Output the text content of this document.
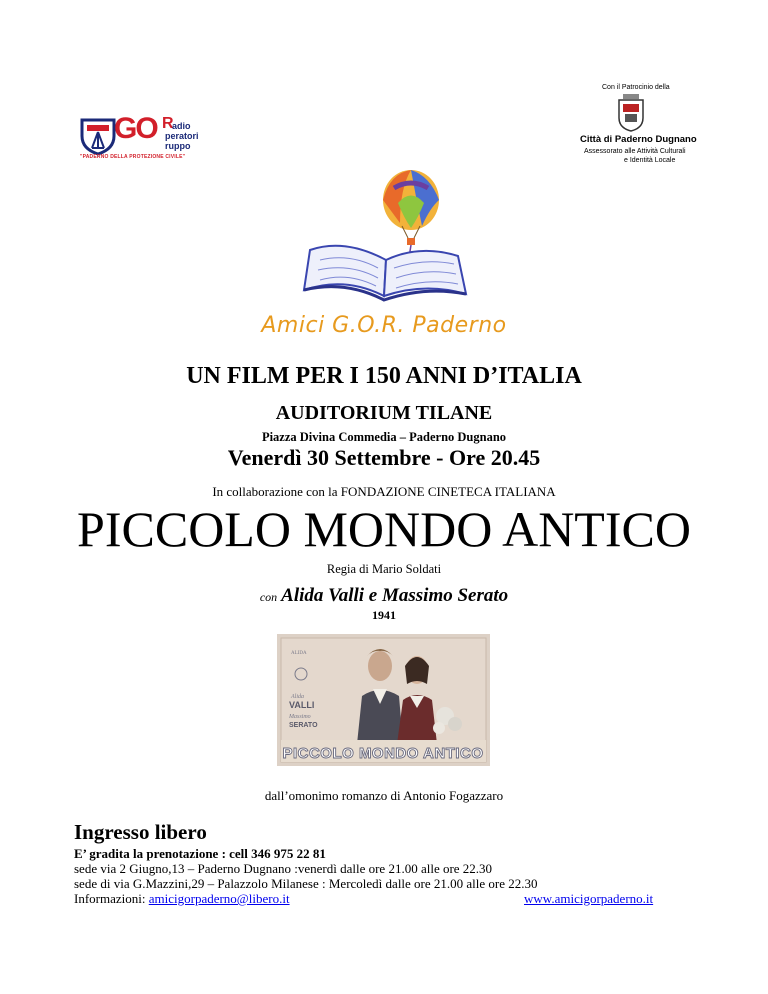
GO R
adio
peratori
ruppo
"PADERNO DELLA PROTEZIONE CIVILE"
Con il Patrocinio della
Città di Paderno Dugnano
Assessorato alle Attività Culturali
e Identità Locale
Amici G.O.R. Paderno
UN FILM PER I 150 ANNI D’ITALIA
AUDITORIUM TILANE
Piazza Divina Commedia – Paderno Dugnano
Venerdì 30 Settembre - Ore 20.45
In collaborazione con la FONDAZIONE CINETECA ITALIANA
PICCOLO MONDO ANTICO
Regia di Mario Soldati
con Alida Valli e Massimo Serato
1941
ALIDA
Alida
VALLI
Massimo
SERATO
PICCOLO MONDO ANTICO
dall’omonimo romanzo di Antonio Fogazzaro
Ingresso libero
E’ gradita la prenotazione : cell 346 975 22 81
sede via 2 Giugno,13 – Paderno Dugnano :venerdì dalle ore 21.00 alle ore 22.30
sede di via G.Mazzini,29 – Palazzolo Milanese : Mercoledì dalle ore 21.00 alle ore 22.30
Informazioni: amicigorpaderno@libero.it	www.amicigorpaderno.it
